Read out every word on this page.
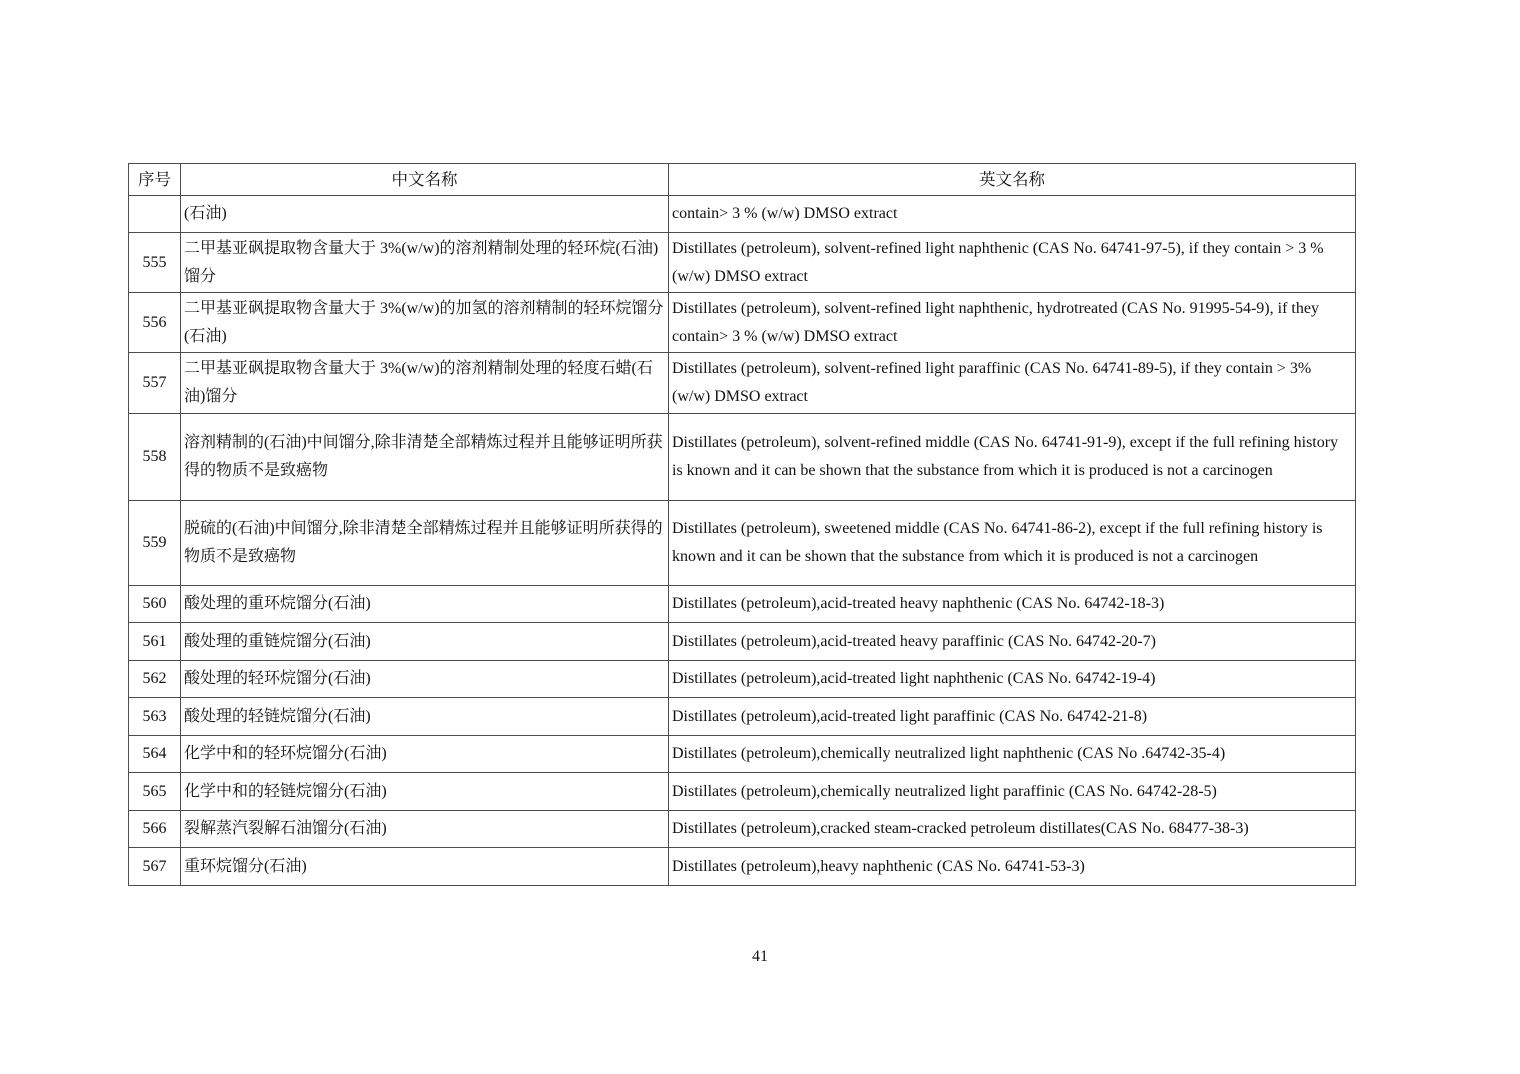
序号	中文名称	英文名称
	(石油)	contain> 3 % (w/w) DMSO extract
555	二甲基亚砜提取物含量大于 3%(w/w)的溶剂精制处理的轻环烷(石油)馏分	Distillates (petroleum), solvent-refined light naphthenic (CAS No. 64741-97-5), if they contain > 3 % (w/w) DMSO extract
556	二甲基亚砜提取物含量大于 3%(w/w)的加氢的溶剂精制的轻环烷馏分(石油)	Distillates (petroleum), solvent-refined light naphthenic, hydrotreated (CAS No. 91995-54-9), if they contain> 3 % (w/w) DMSO extract
557	二甲基亚砜提取物含量大于 3%(w/w)的溶剂精制处理的轻度石蜡(石油)馏分	Distillates (petroleum), solvent-refined light paraffinic (CAS No. 64741-89-5), if they contain > 3% (w/w) DMSO extract
558	溶剂精制的(石油)中间馏分,除非清楚全部精炼过程并且能够证明所获得的物质不是致癌物	Distillates (petroleum), solvent-refined middle (CAS No. 64741-91-9), except if the full refining history is known and it can be shown that the substance from which it is produced is not a carcinogen
559	脱硫的(石油)中间馏分,除非清楚全部精炼过程并且能够证明所获得的物质不是致癌物	Distillates (petroleum), sweetened middle (CAS No. 64741-86-2), except if the full refining history is known and it can be shown that the substance from which it is produced is not a carcinogen
560	酸处理的重环烷馏分(石油)	Distillates (petroleum),acid-treated heavy naphthenic (CAS No. 64742-18-3)
561	酸处理的重链烷馏分(石油)	Distillates (petroleum),acid-treated heavy paraffinic (CAS No. 64742-20-7)
562	酸处理的轻环烷馏分(石油)	Distillates (petroleum),acid-treated light naphthenic (CAS No. 64742-19-4)
563	酸处理的轻链烷馏分(石油)	Distillates (petroleum),acid-treated light paraffinic (CAS No. 64742-21-8)
564	化学中和的轻环烷馏分(石油)	Distillates (petroleum),chemically neutralized light naphthenic (CAS No .64742-35-4)
565	化学中和的轻链烷馏分(石油)	Distillates (petroleum),chemically neutralized light paraffinic (CAS No. 64742-28-5)
566	裂解蒸汽裂解石油馏分(石油)	Distillates (petroleum),cracked steam-cracked petroleum distillates(CAS No. 68477-38-3)
567	重环烷馏分(石油)	Distillates (petroleum),heavy naphthenic (CAS No. 64741-53-3)
41
